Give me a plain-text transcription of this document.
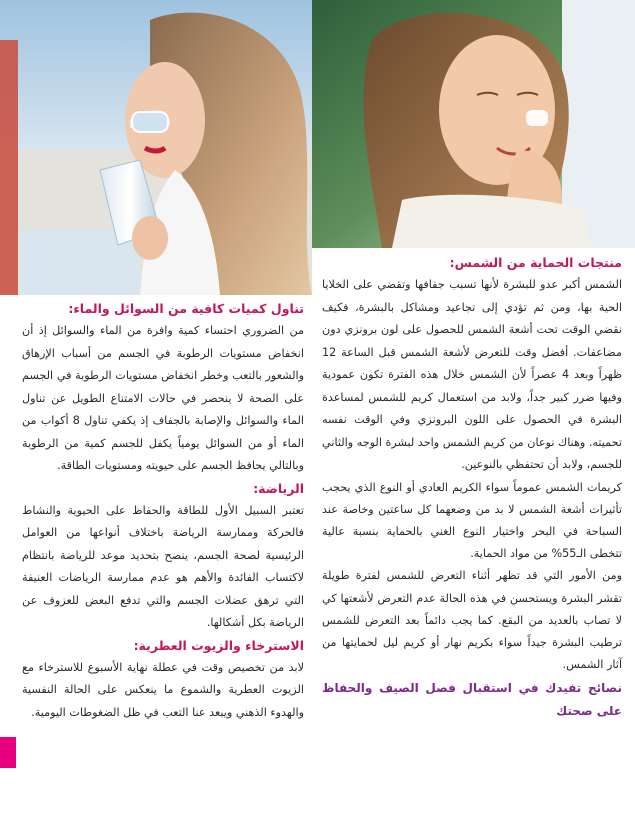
منتجات الحماية من الشمس:

الشمس أكبر عدو للبشرة لأنها تسبب جفافها وتقضي على الخلايا الحية بها، ومن ثم تؤدي إلى تجاعيد ومشاكل بالبشرة، فكيف نقضي الوقت تحت أشعة الشمس للحصول على لون برونزي دون مضاعفات. أفضل وقت للتعرض لأشعة الشمس قبل الساعة 12 ظهراً وبعد 4 عصراً لأن الشمس خلال هذه الفترة تكون عمودية وفيها ضرر كبير جداً، ولابد من استعمال كريم للشمس لمساعدة البشرة في الحصول على اللون البرونزي وفي الوقت نفسه تحميته. وهناك نوعان من كريم الشمس واحد لبشرة الوجه والثاني للجسم، ولابد أن تحتفظي بالنوعين.

كريمات الشمس عموماً سواء الكريم العادي أو النوع الذي يحجب تأثيرات أشعة الشمس لا بد من وضعهما كل ساعتين وخاصة عند السباحة في البحر واختيار النوع الغني بالحماية بنسبة عالية تتخطى الـ55% من مواد الحماية.

ومن الأمور التي قد تظهر أثناء التعرض للشمس لفترة طويلة تقشر البشرة ويستحسن في هذه الحالة عدم التعرض لأشعتها كي لا تصاب بالعديد من البقع. كما يجب دائماً بعد التعرض للشمس ترطيب البشرة جيداً سواء بكريم نهار أو كريم ليل لحمايتها من آثار الشمس.

نصائح تفيدك في استقبال فصل الصيف والحفاظ على صحتك
تناول كميات كافية من السوائل والماء:

من الضروري احتساء كمية وافرة من الماء والسوائل إذ أن انخفاض مستويات الرطوبة في الجسم من أسباب الإرهاق والشعور بالتعب وخطر انخفاض مستويات الرطوبة في الجسم على الصحة لا ينحصر في حالات الامتناع الطويل عن تناول الماء والسوائل والإصابة بالجفاف إذ يكفي تناول 8 أكواب من الماء أو من السوائل يومياً يكفل للجسم كمية من الرطوبة وبالتالي يحافظ الجسم على حيويته ومستويات الطاقة.

الرياضة:

تعتبر السبيل الأول للطاقة والحفاظ على الحيوية والنشاط فالحركة وممارسة الرياضة باختلاف أنواعها من العوامل الرئيسية لصحة الجسم، ينصح بتحديد موعد للرياضة بانتظام لاكتساب الفائدة والأهم هو عدم ممارسة الرياضات العنيفة التي ترهق عضلات الجسم والتي تدفع البعض للعزوف عن الرياضة بكل أشكالها.

الاسترخاء والزيوت العطرية:

لابد من تخصيص وقت في عطلة نهاية الأسبوع للاسترخاء مع الزيوت العطرية والشموع ما ينعكس على الحالة النفسية والهدوء الذهني ويبعد عنا التعب في ظل الضغوطات اليومية.
